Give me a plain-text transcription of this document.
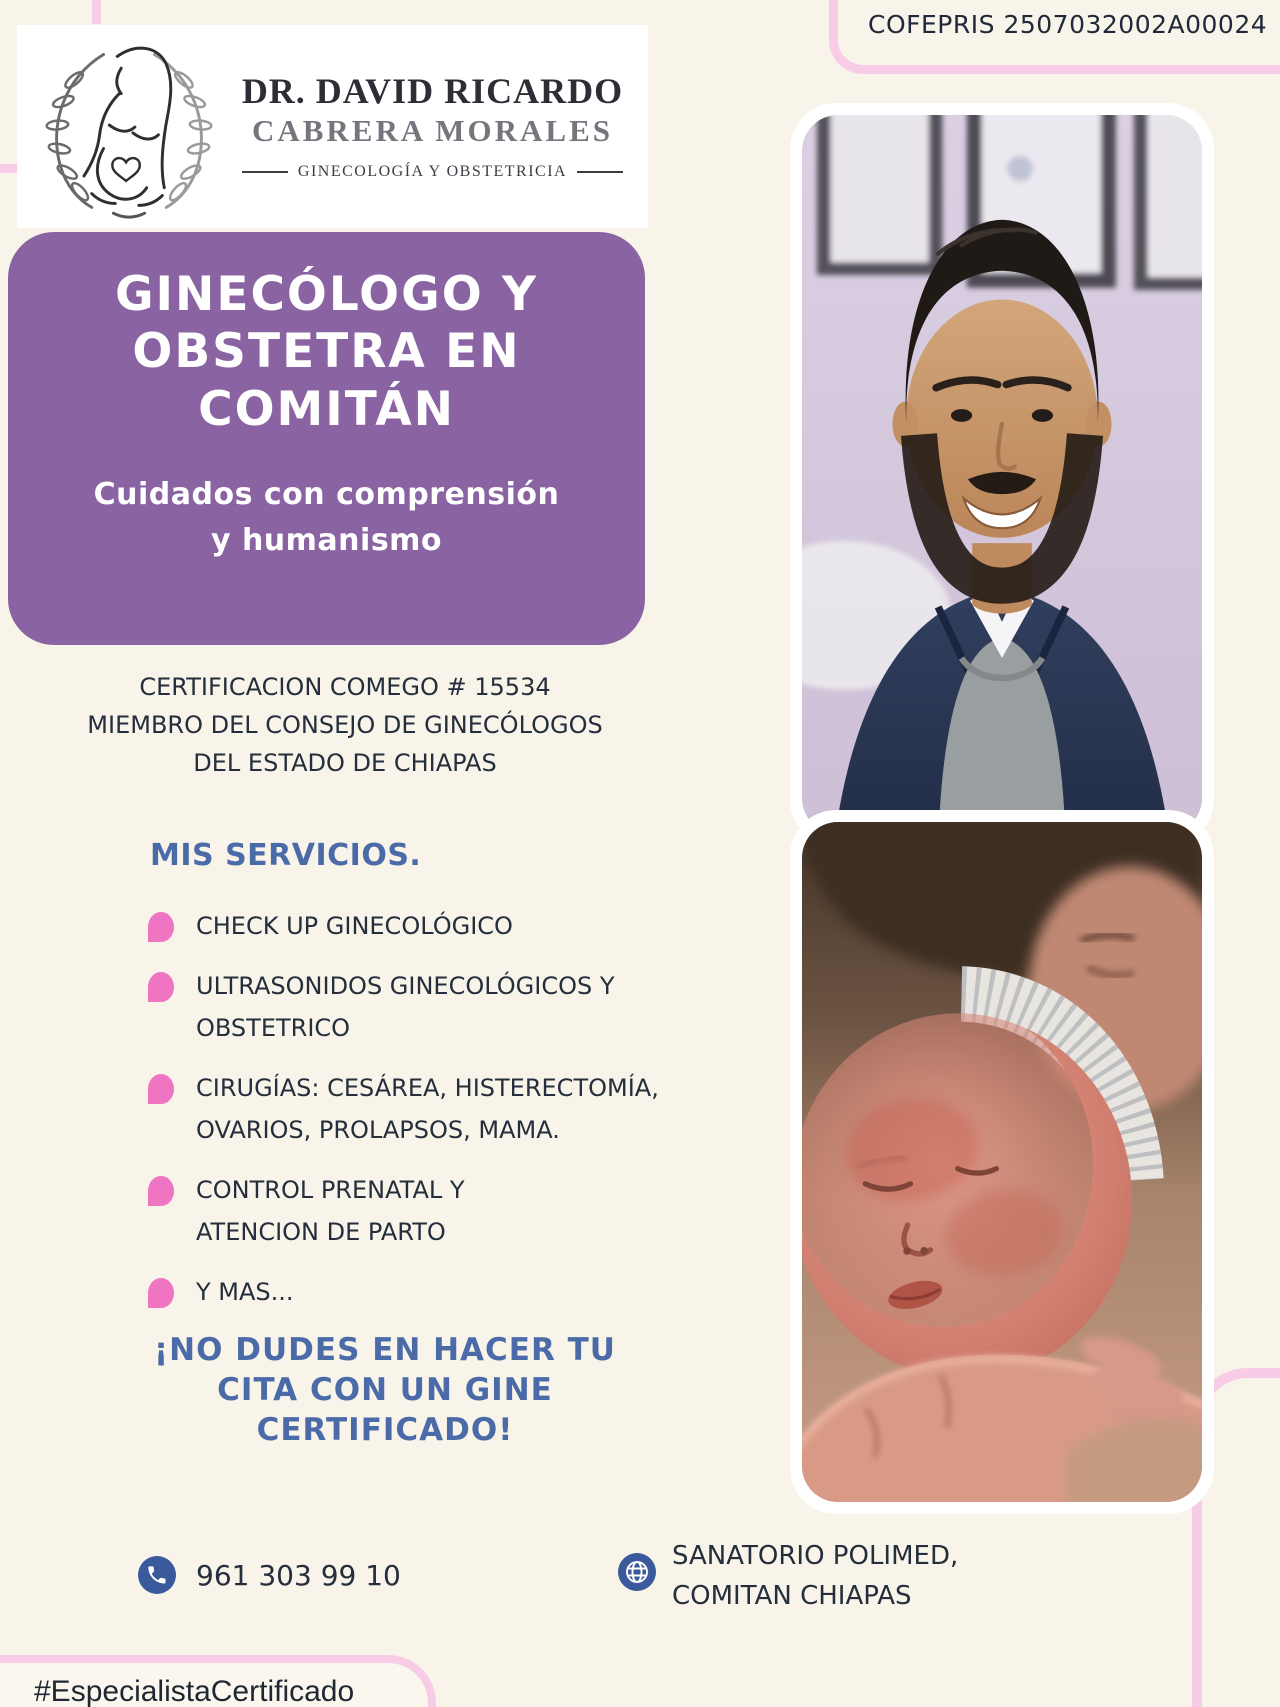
COFEPRIS 2507032002A00024
DR. DAVID RICARDO
CABRERA MORALES
GINECOLOGÍA Y OBSTETRICIA
GINECÓLOGO Y
OBSTETRA EN
COMITÁN
Cuidados con comprensión
y humanismo
CERTIFICACION COMEGO # 15534
MIEMBRO DEL CONSEJO DE GINECÓLOGOS
DEL ESTADO DE CHIAPAS
MIS SERVICIOS.
CHECK UP GINECOLÓGICO
ULTRASONIDOS GINECOLÓGICOS Y
OBSTETRICO
CIRUGÍAS: CESÁREA, HISTERECTOMÍA,
OVARIOS, PROLAPSOS, MAMA.
CONTROL PRENATAL Y
ATENCION DE PARTO
Y MAS...
¡NO DUDES EN HACER TU
CITA CON UN GINE
CERTIFICADO!
961 303 99 10
SANATORIO POLIMED,
COMITAN CHIAPAS
#EspecialistaCertificado
